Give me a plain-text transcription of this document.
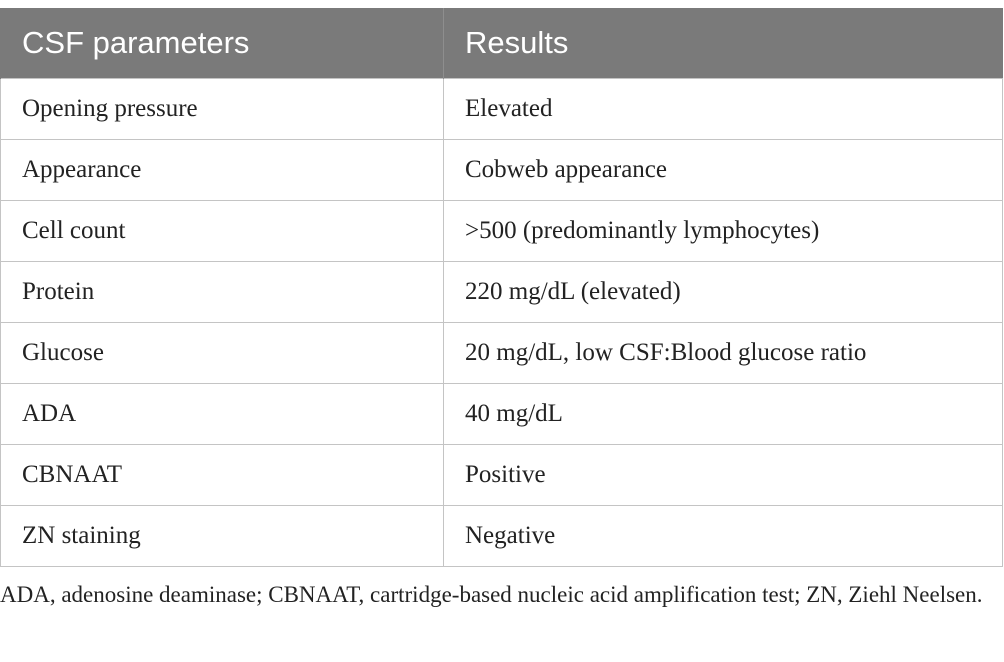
CSF parameters	Results
Opening pressure	Elevated
Appearance	Cobweb appearance
Cell count	>500 (predominantly lymphocytes)
Protein	220 mg/dL (elevated)
Glucose	20 mg/dL, low CSF:Blood glucose ratio
ADA	40 mg/dL
CBNAAT	Positive
ZN staining	Negative

ADA, adenosine deaminase; CBNAAT, cartridge-based nucleic acid amplification test; ZN, Ziehl Neelsen.
